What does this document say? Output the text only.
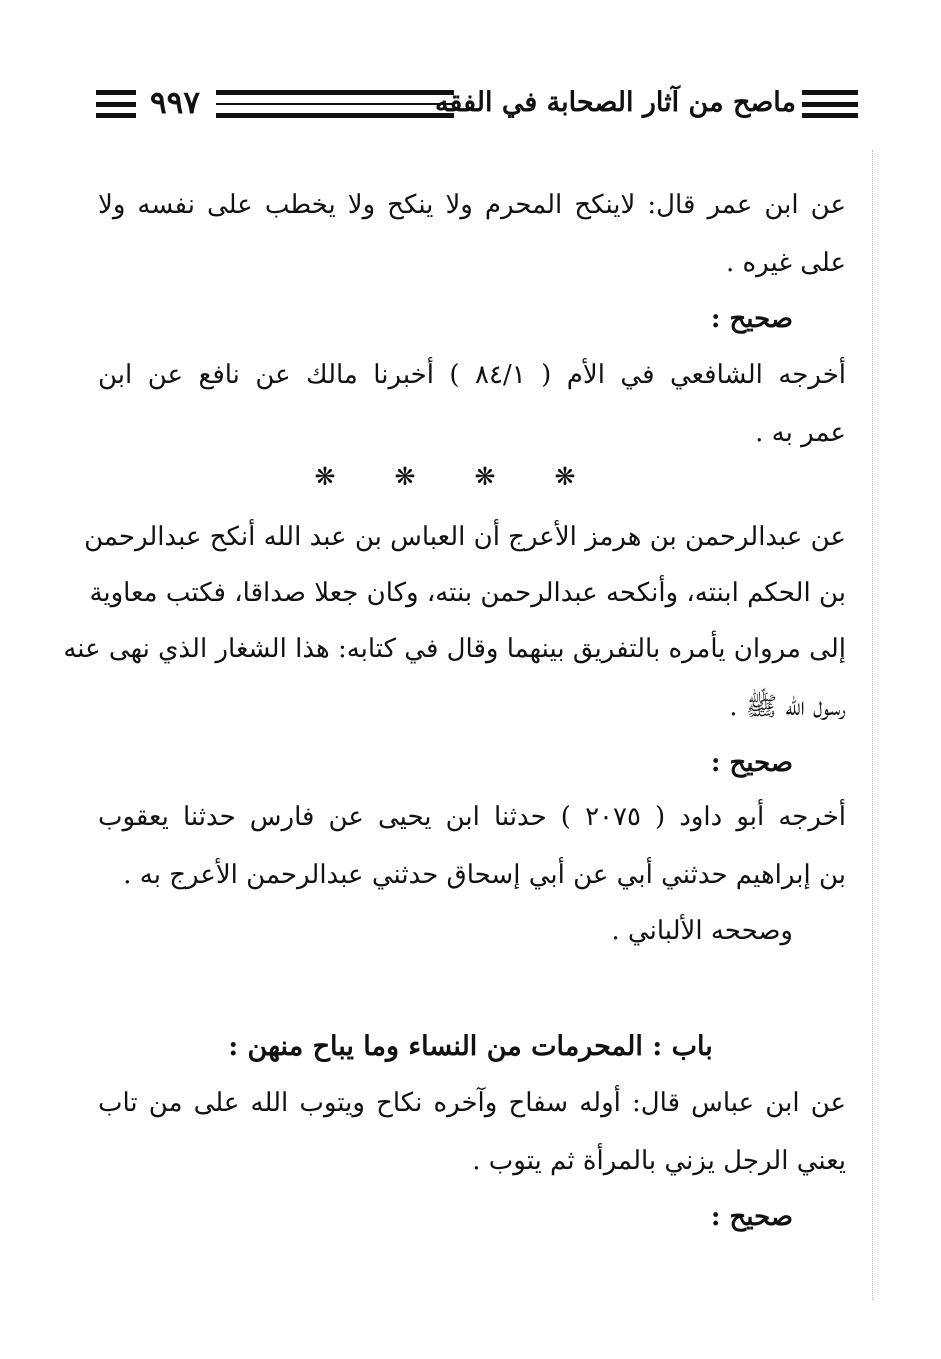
٩٩٧	ماصح من آثار الصحابة في الفقه
عن ابن عمر قال: لاينكح المحرم ولا ينكح ولا يخطب على نفسه ولا
على غيره .
صحيح :
أخرجه الشافعي في الأم ( ٨٤/١ ) أخبرنا مالك عن نافع عن ابن
عمر به .
❋ ❋ ❋ ❋
عن عبدالرحمن بن هرمز الأعرج أن العباس بن عبد الله أنكح عبدالرحمن
بن الحكم ابنته، وأنكحه عبدالرحمن بنته، وكان جعلا صداقا، فكتب معاوية
إلى مروان يأمره بالتفريق بينهما وقال في كتابه: هذا الشغار الذي نهى عنه
رسول الله ﷺ .
صحيح :
أخرجه أبو داود ( ٢٠٧٥ ) حدثنا ابن يحيى عن فارس حدثنا يعقوب
بن إبراهيم حدثني أبي عن أبي إسحاق حدثني عبدالرحمن الأعرج به .
وصححه الألباني .
باب : المحرمات من النساء وما يباح منهن :
عن ابن عباس قال: أوله سفاح وآخره نكاح ويتوب الله على من تاب
يعني الرجل يزني بالمرأة ثم يتوب .
صحيح :
